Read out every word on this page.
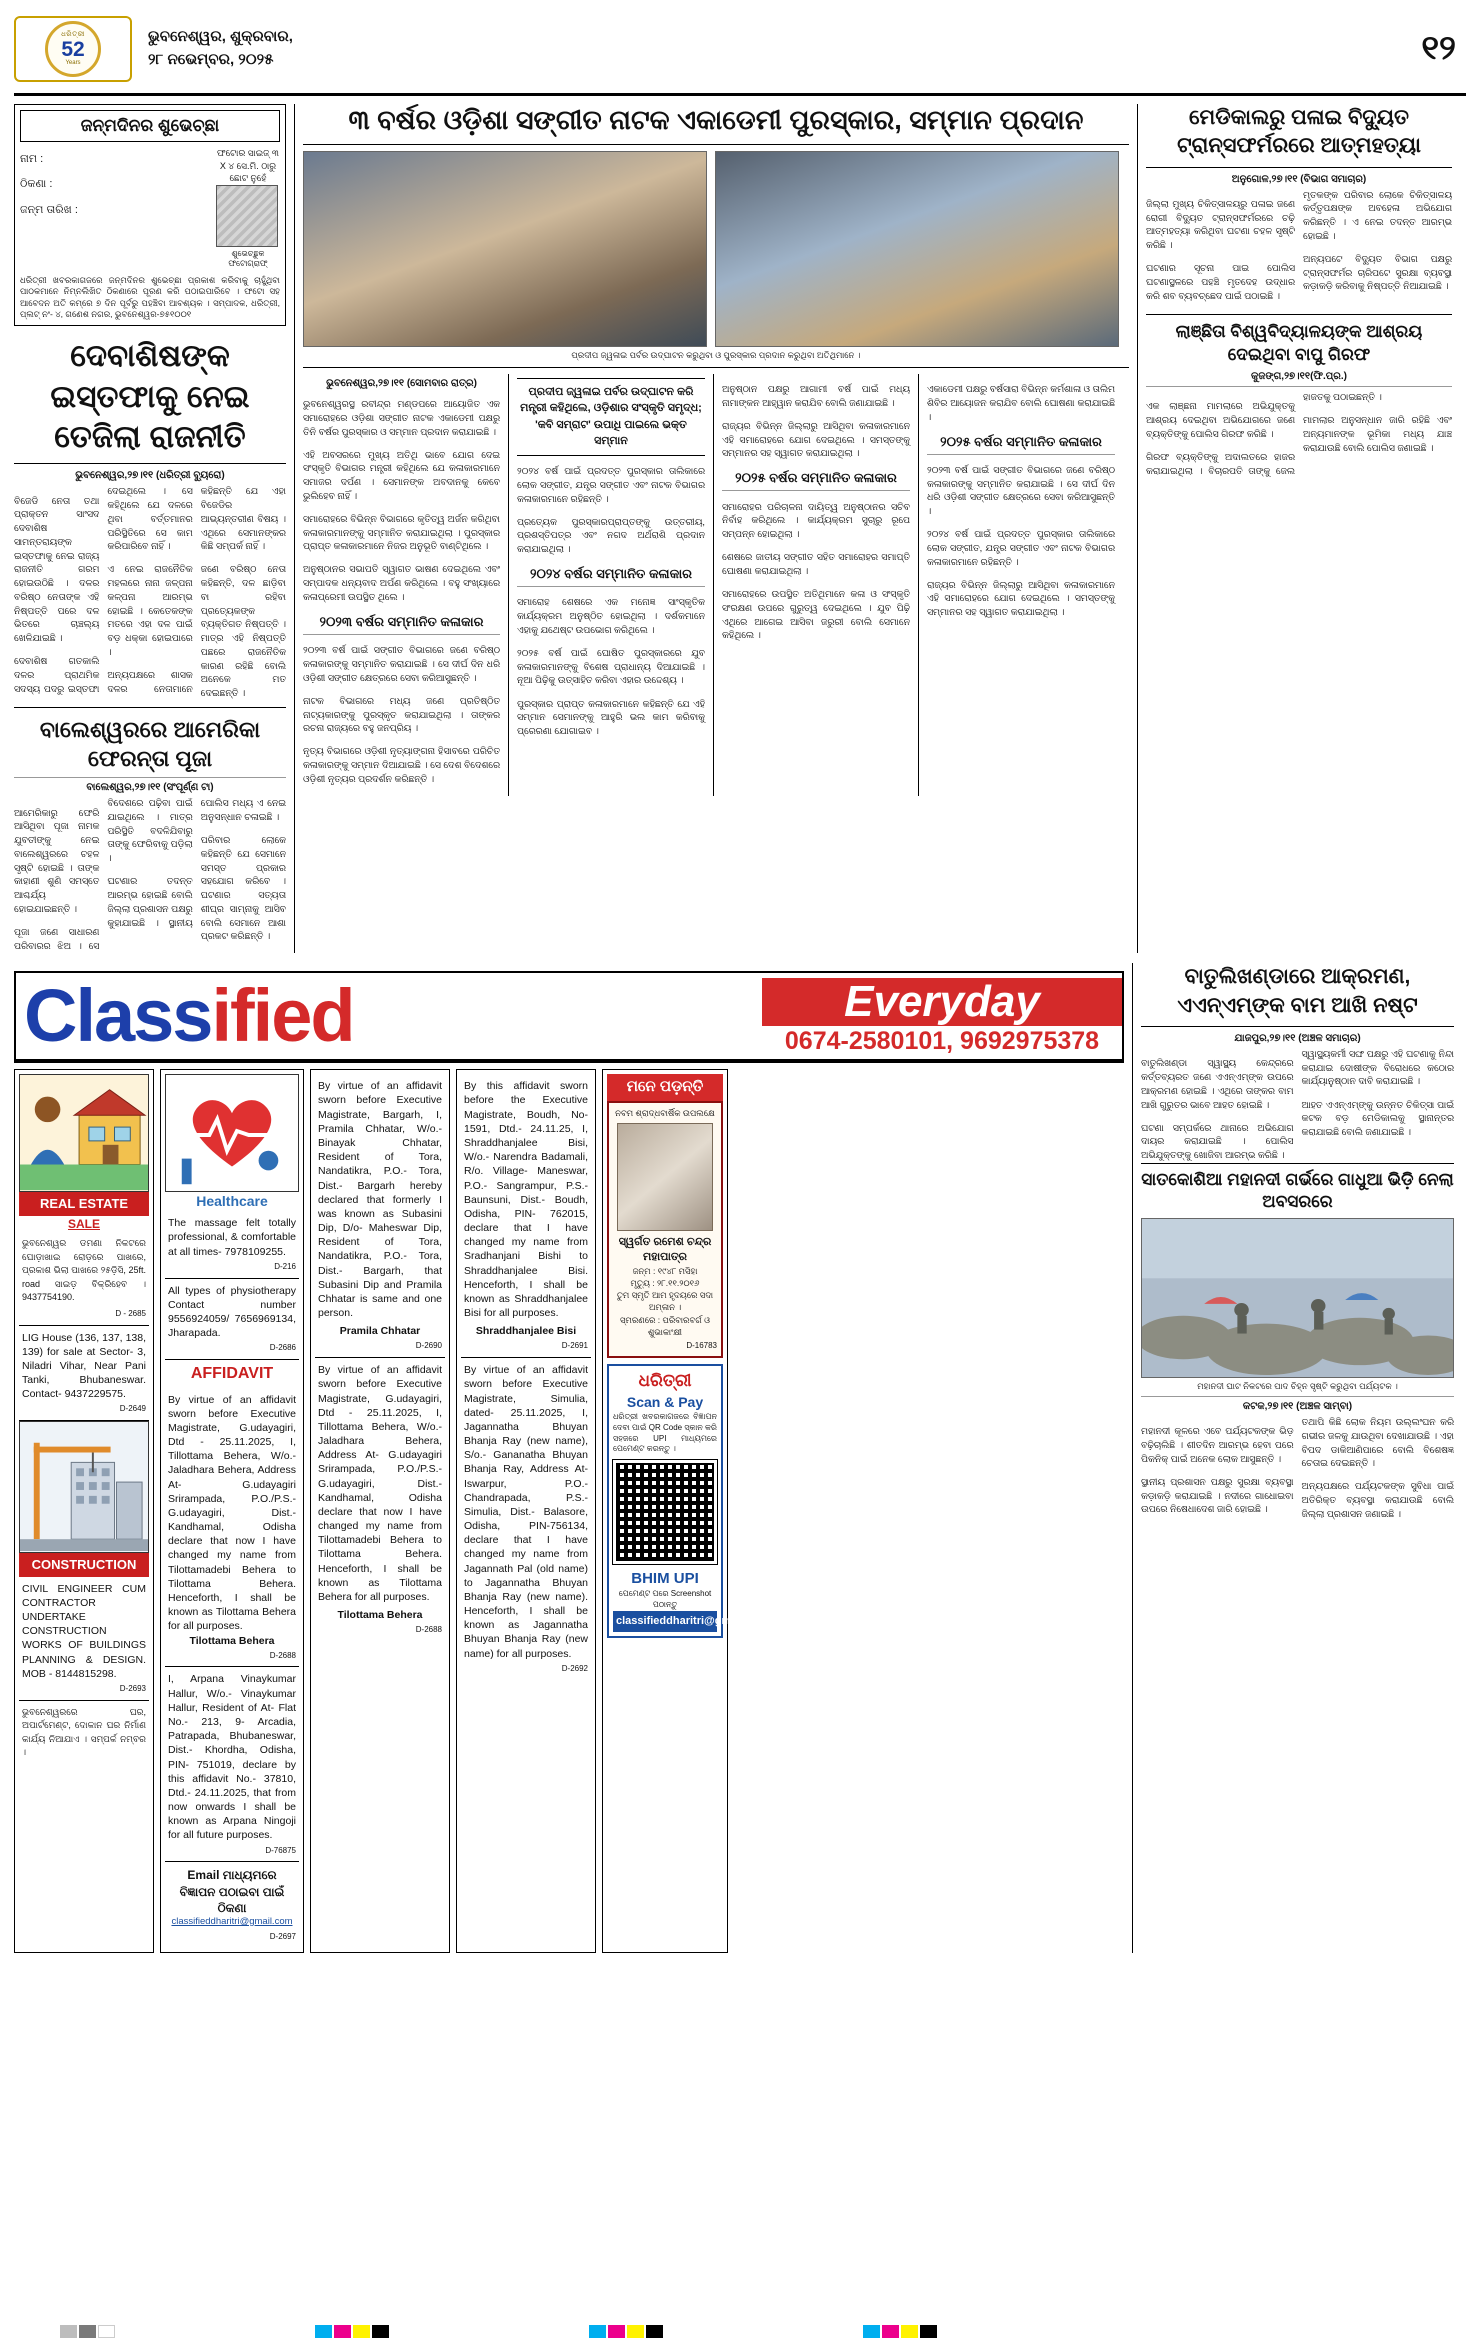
ଧରିତ୍ରୀ
52
Years
ଭୁବନେଶ୍ୱର, ଶୁକ୍ରବାର,
୨୮ ନଭେମ୍ବର, ୨୦୨୫	୧୨
ଜନ୍ମଦିନର ଶୁଭେଚ୍ଛା
ନାମ :
ଠିକଣା :
ଜନ୍ମ ତାରିଖ :
ଫଟୋର ସାଇଜ୍ ୩ X ୪ ସେ.ମି. ଠାରୁ ଛୋଟ ନୁହେଁ
ଶୁଭେଚ୍ଛୁକ ଫଟୋଗ୍ରାଫ୍
ଧରିତ୍ରୀ ଖବରକାଗଜରେ ଜନ୍ମଦିନର ଶୁଭେଚ୍ଛା ପ୍ରକାଶ କରିବାକୁ ଚାହୁଁଥିବା ପାଠକମାନେ ନିମ୍ନଲିଖିତ ଠିକଣାରେ ପୂରଣ କରି ପଠାଇପାରିବେ । ଫଟୋ ସହ ଆବେଦନ ଅତି କମ୍‌ରେ ୭ ଦିନ ପୂର୍ବରୁ ପହଞ୍ଚିବା ଆବଶ୍ୟକ । ସମ୍ପାଦକ, ଧରିତ୍ରୀ, ପ୍ଲଟ୍ ନଂ- ୪, ଗଣେଶ ନଗର, ଭୁବନେଶ୍ୱର-୭୫୧୦୦୧
ଦେବାଶିଷଙ୍କ ଇସ୍ତଫାକୁ ନେଇ ତେଜିଲା ରାଜନୀତି
ଭୁବନେଶ୍ୱର,୨୭।୧୧ (ଧରିତ୍ରୀ ବ୍ୟୁରୋ)

ବିଜେଡି ନେତା ତଥା ପ୍ରାକ୍ତନ ସାଂସଦ ଦେବାଶିଷ ସାମନ୍ତରାୟଙ୍କ ଇସ୍ତଫାକୁ ନେଇ ରାଜ୍ୟ ରାଜନୀତି ଗରମ ହୋଇଉଠିଛି । ଦଳର ବରିଷ୍ଠ ନେତାଙ୍କ ଏହି ନିଷ୍ପତ୍ତି ପରେ ଦଳ ଭିତରେ ଚାଞ୍ଚଲ୍ୟ ଖେଳିଯାଇଛି ।

ଦେବାଶିଷ ଗତକାଲି ଦଳର ପ୍ରାଥମିକ ସଦସ୍ୟ ପଦରୁ ଇସ୍ତଫା ଦେଇଥିଲେ । ସେ କହିଥିଲେ ଯେ ଦଳରେ ଥିବା ବର୍ତ୍ତମାନର ପରିସ୍ଥିତିରେ ସେ କାମ କରିପାରିବେ ନାହିଁ ।

ଏ ନେଇ ରାଜନୈତିକ ମହଲରେ ନାନା ଜଳ୍ପନା କଳ୍ପନା ଆରମ୍ଭ ହୋଇଛି । କେତେକଙ୍କ ମତରେ ଏହା ଦଳ ପାଇଁ ବଡ଼ ଧକ୍କା ହୋଇପାରେ ।

ଅନ୍ୟପକ୍ଷରେ ଶାସକ ଦଳର ନେତାମାନେ କହିଛନ୍ତି ଯେ ଏହା ବିଜେଡିର ଆଭ୍ୟନ୍ତରୀଣ ବିଷୟ । ଏଥିରେ ସେମାନଙ୍କର କିଛି ସମ୍ପର୍କ ନାହିଁ ।

ଜଣେ ବରିଷ୍ଠ ନେତା କହିଛନ୍ତି, ଦଳ ଛାଡ଼ିବା ବା ରହିବା ପ୍ରତ୍ୟେକଙ୍କ ବ୍ୟକ୍ତିଗତ ନିଷ୍ପତ୍ତି । ମାତ୍ର ଏହି ନିଷ୍ପତ୍ତି ପଛରେ ରାଜନୈତିକ କାରଣ ରହିଛି ବୋଲି ଅନେକେ ମତ ଦେଇଛନ୍ତି ।

ବାଲେଶ୍ୱରରେ ଆମେରିକା ଫେରନ୍ତା ପୂଜା
ବାଲେଶ୍ୱର,୨୭।୧୧ (ସଂପୂର୍ଣ୍ଣ ଟା)

ଆମେରିକାରୁ ଫେରି ଆସିଥିବା ପୂଜା ନାମକ ଯୁବତୀଙ୍କୁ ନେଇ ବାଲେଶ୍ୱରରେ ଚହଳ ସୃଷ୍ଟି ହୋଇଛି । ତାଙ୍କ କାହାଣୀ ଶୁଣି ସମସ୍ତେ ଆଶ୍ଚର୍ଯ୍ୟ ହୋଇଯାଇଛନ୍ତି ।

ପୂଜା ଜଣେ ସାଧାରଣ ପରିବାରର ଝିଅ । ସେ ବିଦେଶରେ ପଢ଼ିବା ପାଇଁ ଯାଇଥିଲେ । ମାତ୍ର ପରିସ୍ଥିତି ବଦଳିଯିବାରୁ ତାଙ୍କୁ ଫେରିବାକୁ ପଡ଼ିଲା ।

ଘଟଣାର ତଦନ୍ତ ଆରମ୍ଭ ହୋଇଛି ବୋଲି ଜିଲ୍ଲା ପ୍ରଶାସନ ପକ୍ଷରୁ କୁହାଯାଇଛି । ସ୍ଥାନୀୟ ପୋଲିସ ମଧ୍ୟ ଏ ନେଇ ଅନୁସନ୍ଧାନ ଚଳାଇଛି ।

ପରିବାର ଲୋକେ କହିଛନ୍ତି ଯେ ସେମାନେ ସମସ୍ତ ପ୍ରକାର ସହଯୋଗ କରିବେ । ଘଟଣାର ସତ୍ୟତା ଶୀଘ୍ର ସାମ୍ନାକୁ ଆସିବ ବୋଲି ସେମାନେ ଆଶା ପ୍ରକଟ କରିଛନ୍ତି ।

୩ ବର୍ଷର ଓଡ଼ିଶା ସଙ୍ଗୀତ ନାଟକ ଏକାଡେମୀ ପୁରସ୍କାର, ସମ୍ମାନ ପ୍ରଦାନ
ପ୍ରଦୀପ ଜ୍ୱଳାଇ ପର୍ବର ଉଦ୍‌ଘାଟନ କରୁଥିବା ଓ ପୁରସ୍କାର ପ୍ରଦାନ କରୁଥିବା ଅତିଥିମାନେ ।
ଭୁବନେଶ୍ୱର,୨୭।୧୧ (ସୋମବାର ରାତ୍ର)

ଭୁବନେଶ୍ୱରସ୍ଥ ରବୀନ୍ଦ୍ର ମଣ୍ଡପରେ ଆୟୋଜିତ ଏକ ସମାରୋହରେ ଓଡ଼ିଶା ସଙ୍ଗୀତ ନାଟକ ଏକାଡେମୀ ପକ୍ଷରୁ ତିନି ବର୍ଷର ପୁରସ୍କାର ଓ ସମ୍ମାନ ପ୍ରଦାନ କରାଯାଇଛି ।

ଏହି ଅବସରରେ ମୁଖ୍ୟ ଅତିଥି ଭାବେ ଯୋଗ ଦେଇ ସଂସ୍କୃତି ବିଭାଗର ମନ୍ତ୍ରୀ କହିଥିଲେ ଯେ କଳାକାରମାନେ ସମାଜର ଦର୍ପଣ । ସେମାନଙ୍କ ଅବଦାନକୁ କେବେ ଭୁଲିହେବ ନାହିଁ ।

ସମାରୋହରେ ବିଭିନ୍ନ ବିଭାଗରେ କୃତିତ୍ୱ ଅର୍ଜନ କରିଥିବା କଳାକାରମାନଙ୍କୁ ସମ୍ମାନିତ କରାଯାଇଥିଲା । ପୁରସ୍କାର ପ୍ରାପ୍ତ କଳାକାରମାନେ ନିଜର ଅନୁଭୂତି ବାଣ୍ଟିଥିଲେ ।

ଅନୁଷ୍ଠାନର ସଭାପତି ସ୍ୱାଗତ ଭାଷଣ ଦେଇଥିଲେ ଏବଂ ସମ୍ପାଦକ ଧନ୍ୟବାଦ ଅର୍ପଣ କରିଥିଲେ । ବହୁ ସଂଖ୍ୟାରେ କଳାପ୍ରେମୀ ଉପସ୍ଥିତ ଥିଲେ ।

୨୦୨୩ ବର୍ଷର ସମ୍ମାନିତ କଳାକାର

୨୦୨୩ ବର୍ଷ ପାଇଁ ସଙ୍ଗୀତ ବିଭାଗରେ ଜଣେ ବରିଷ୍ଠ କଳାକାରଙ୍କୁ ସମ୍ମାନିତ କରାଯାଇଛି । ସେ ଦୀର୍ଘ ଦିନ ଧରି ଓଡ଼ିଶୀ ସଙ୍ଗୀତ କ୍ଷେତ୍ରରେ ସେବା କରିଆସୁଛନ୍ତି ।

ନାଟକ ବିଭାଗରେ ମଧ୍ୟ ଜଣେ ପ୍ରତିଷ୍ଠିତ ନାଟ୍ୟକାରଙ୍କୁ ପୁରସ୍କୃତ କରାଯାଇଥିଲା । ତାଙ୍କର ରଚନା ରାଜ୍ୟରେ ବହୁ ଜନପ୍ରିୟ ।

ନୃତ୍ୟ ବିଭାଗରେ ଓଡ଼ିଶୀ ନୃତ୍ୟାଙ୍ଗନା ହିସାବରେ ପରିଚିତ କଳାକାରଙ୍କୁ ସମ୍ମାନ ଦିଆଯାଇଛି । ସେ ଦେଶ ବିଦେଶରେ ଓଡ଼ିଶୀ ନୃତ୍ୟର ପ୍ରଦର୍ଶନ କରିଛନ୍ତି ।

ପ୍ରଦୀପ ଜ୍ୱଳାଇ ପର୍ବର ଉଦ୍‌ଘାଟନ କରି ମନ୍ତ୍ରୀ କହିଥିଲେ, ଓଡ଼ିଶାର ସଂସ୍କୃତି ସମୃଦ୍ଧ; 'କବି ସମ୍ରାଟ' ଉପାଧି ପାଇଲେ ଭକ୍ତ ସମ୍ମାନ

୨୦୨୪ ବର୍ଷ ପାଇଁ ପ୍ରଦତ୍ତ ପୁରସ୍କାର ତାଲିକାରେ ଲୋକ ସଙ୍ଗୀତ, ଯନ୍ତ୍ର ସଙ୍ଗୀତ ଏବଂ ନାଟକ ବିଭାଗର କଳାକାରମାନେ ରହିଛନ୍ତି ।

ପ୍ରତ୍ୟେକ ପୁରସ୍କାରପ୍ରାପ୍ତଙ୍କୁ ଉତ୍ତରୀୟ, ପ୍ରଶସ୍ତିପତ୍ର ଏବଂ ନଗଦ ଅର୍ଥରାଶି ପ୍ରଦାନ କରାଯାଇଥିଲା ।

୨୦୨୪ ବର୍ଷର ସମ୍ମାନିତ କଳାକାର

ସମାରୋହ ଶେଷରେ ଏକ ମନୋଜ୍ଞ ସାଂସ୍କୃତିକ କାର୍ଯ୍ୟକ୍ରମ ଅନୁଷ୍ଠିତ ହୋଇଥିଲା । ଦର୍ଶକମାନେ ଏହାକୁ ଯଥେଷ୍ଟ ଉପଭୋଗ କରିଥିଲେ ।

୨୦୨୫ ବର୍ଷ ପାଇଁ ଘୋଷିତ ପୁରସ୍କାରରେ ଯୁବ କଳାକାରମାନଙ୍କୁ ବିଶେଷ ପ୍ରାଧାନ୍ୟ ଦିଆଯାଇଛି । ନୂଆ ପିଢ଼ିକୁ ଉତ୍ସାହିତ କରିବା ଏହାର ଉଦ୍ଦେଶ୍ୟ ।

ପୁରସ୍କାର ପ୍ରାପ୍ତ କଳାକାରମାନେ କହିଛନ୍ତି ଯେ ଏହି ସମ୍ମାନ ସେମାନଙ୍କୁ ଆହୁରି ଭଲ କାମ କରିବାକୁ ପ୍ରେରଣା ଯୋଗାଇବ ।

ଅନୁଷ୍ଠାନ ପକ୍ଷରୁ ଆଗାମୀ ବର୍ଷ ପାଇଁ ମଧ୍ୟ ନାମାଙ୍କନ ଆହ୍ୱାନ କରାଯିବ ବୋଲି ଜଣାଯାଇଛି ।

ରାଜ୍ୟର ବିଭିନ୍ନ ଜିଲ୍ଲାରୁ ଆସିଥିବା କଳାକାରମାନେ ଏହି ସମାରୋହରେ ଯୋଗ ଦେଇଥିଲେ । ସମସ୍ତଙ୍କୁ ସମ୍ମାନର ସହ ସ୍ୱାଗତ କରାଯାଇଥିଲା ।

୨୦୨୫ ବର୍ଷର ସମ୍ମାନିତ କଳାକାର

ସମାରୋହର ପରିଚାଳନା ଦାୟିତ୍ୱ ଅନୁଷ୍ଠାନର ସଚିବ ନିର୍ବାହ କରିଥିଲେ । କାର୍ଯ୍ୟକ୍ରମ ସୁଚାରୁ ରୂପେ ସମ୍ପନ୍ନ ହୋଇଥିଲା ।

ଶେଷରେ ଜାତୀୟ ସଙ୍ଗୀତ ସହିତ ସମାରୋହର ସମାପ୍ତି ଘୋଷଣା କରାଯାଇଥିଲା ।

ସମାରୋହରେ ଉପସ୍ଥିତ ଅତିଥିମାନେ କଳା ଓ ସଂସ୍କୃତି ସଂରକ୍ଷଣ ଉପରେ ଗୁରୁତ୍ୱ ଦେଇଥିଲେ । ଯୁବ ପିଢ଼ି ଏଥିରେ ଆଗେଇ ଆସିବା ଜରୁରୀ ବୋଲି ସେମାନେ କହିଥିଲେ ।

ଏକାଡେମୀ ପକ୍ଷରୁ ବର୍ଷସାରା ବିଭିନ୍ନ କର୍ମଶାଳା ଓ ତାଲିମ ଶିବିର ଆୟୋଜନ କରାଯିବ ବୋଲି ଘୋଷଣା କରାଯାଇଛି ।

୨୦୨୫ ବର୍ଷର ସମ୍ମାନିତ କଳାକାର

୨୦୨୩ ବର୍ଷ ପାଇଁ ସଙ୍ଗୀତ ବିଭାଗରେ ଜଣେ ବରିଷ୍ଠ କଳାକାରଙ୍କୁ ସମ୍ମାନିତ କରାଯାଇଛି । ସେ ଦୀର୍ଘ ଦିନ ଧରି ଓଡ଼ିଶୀ ସଙ୍ଗୀତ କ୍ଷେତ୍ରରେ ସେବା କରିଆସୁଛନ୍ତି ।

୨୦୨୪ ବର୍ଷ ପାଇଁ ପ୍ରଦତ୍ତ ପୁରସ୍କାର ତାଲିକାରେ ଲୋକ ସଙ୍ଗୀତ, ଯନ୍ତ୍ର ସଙ୍ଗୀତ ଏବଂ ନାଟକ ବିଭାଗର କଳାକାରମାନେ ରହିଛନ୍ତି ।

ରାଜ୍ୟର ବିଭିନ୍ନ ଜିଲ୍ଲାରୁ ଆସିଥିବା କଳାକାରମାନେ ଏହି ସମାରୋହରେ ଯୋଗ ଦେଇଥିଲେ । ସମସ୍ତଙ୍କୁ ସମ୍ମାନର ସହ ସ୍ୱାଗତ କରାଯାଇଥିଲା ।

ମେଡିକାଲରୁ ପଳାଇ ବିଦ୍ୟୁତ ଟ୍ରାନ୍ସଫର୍ମରରେ ଆତ୍ମହତ୍ୟା
ଅନୁଗୋଳ,୨୭।୧୧ (ବିଭାଗ ସମାଚାର)

ଜିଲ୍ଲା ମୁଖ୍ୟ ଚିକିତ୍ସାଳୟରୁ ପଳାଇ ଜଣେ ରୋଗୀ ବିଦ୍ୟୁତ ଟ୍ରାନ୍ସଫର୍ମରରେ ଚଢ଼ି ଆତ୍ମହତ୍ୟା କରିଥିବା ଘଟଣା ଚହଳ ସୃଷ୍ଟି କରିଛି ।

ଘଟଣାର ସୂଚନା ପାଇ ପୋଲିସ ଘଟଣାସ୍ଥଳରେ ପହଞ୍ଚି ମୃତଦେହ ଉଦ୍ଧାର କରି ଶବ ବ୍ୟବଚ୍ଛେଦ ପାଇଁ ପଠାଇଛି ।

ମୃତକଙ୍କ ପରିବାର ଲୋକେ ଚିକିତ୍ସାଳୟ କର୍ତ୍ତୃପକ୍ଷଙ୍କ ଅବହେଳା ଅଭିଯୋଗ କରିଛନ୍ତି । ଏ ନେଇ ତଦନ୍ତ ଆରମ୍ଭ ହୋଇଛି ।

ଅନ୍ୟପଟେ ବିଦ୍ୟୁତ ବିଭାଗ ପକ୍ଷରୁ ଟ୍ରାନ୍ସଫର୍ମର ଚାରିପଟେ ସୁରକ୍ଷା ବ୍ୟବସ୍ଥା କଡ଼ାକଡ଼ି କରିବାକୁ ନିଷ୍ପତ୍ତି ନିଆଯାଇଛି ।

ଲାଞ୍ଛିତା ବିଶ୍ୱବିଦ୍ୟାଳୟଙ୍କ ଆଶ୍ରୟ ଦେଇଥିବା ବାପୁ ଗିରଫ
କୁଜଙ୍ଗ,୨୭।୧୧(ଫି.ପ୍ର.)

ଏକ ଲାଞ୍ଛନା ମାମଲାରେ ଅଭିଯୁକ୍ତକୁ ଆଶ୍ରୟ ଦେଇଥିବା ଅଭିଯୋଗରେ ଜଣେ ବ୍ୟକ୍ତିଙ୍କୁ ପୋଲିସ ଗିରଫ କରିଛି ।

ଗିରଫ ବ୍ୟକ୍ତିଙ୍କୁ ଅଦାଲତରେ ହାଜର କରାଯାଇଥିଲା । ବିଚାରପତି ତାଙ୍କୁ ଜେଲ ହାଜତକୁ ପଠାଇଛନ୍ତି ।

ମାମଲାର ଅନୁସନ୍ଧାନ ଜାରି ରହିଛି ଏବଂ ଅନ୍ୟମାନଙ୍କ ଭୂମିକା ମଧ୍ୟ ଯାଞ୍ଚ କରାଯାଉଛି ବୋଲି ପୋଲିସ ଜଣାଇଛି ।

Class ified	Everyday
0674-2580101, 9692975378
REAL ESTATE
SALE
ଭୁବନେଶ୍ୱର ଡମଣା ନିକଟରେ ଘୋଡ଼ାଖାଇ ରୋଡ଼ରେ ପାଖରେ, ପ୍ରକାଶ ଭିଲା ପାଖରେ ୨୫ଡ଼ିସି, 25ft. road ସାଇଡ଼ ବିକ୍ରିହେବ । 9437754190.
D - 2685
LIG House (136, 137, 138, 139) for sale at Sector- 3, Niladri Vihar, Near Pani Tanki, Bhubaneswar. Contact- 9437229575.
D-2649
CONSTRUCTION
CIVIL ENGINEER CUM CONTRACTOR UNDERTAKE CONSTRUCTION WORKS OF BUILDINGS PLANNING & DESIGN. MOB - 8144815298.
D-2693
ଭୁବନେଶ୍ୱରରେ ଘର, ଅପାର୍ଟମେଣ୍ଟ, ଦୋକାନ ଘର ନିର୍ମାଣ କାର୍ଯ୍ୟ ନିଆଯାଏ । ସମ୍ପର୍କ ନମ୍ବର ।
Healthcare
The massage felt totally professional, & comfortable at all times- 7978109255.
D-216
All types of physiotherapy Contact number 9556924059/ 7656969134, Jharapada.
D-2686
AFFIDAVIT
By virtue of an affidavit sworn before Executive Magistrate, G.udayagiri, Dtd - 25.11.2025, I, Tillottama Behera, W/o.- Jaladhara Behera, Address At- G.udayagiri Srirampada, P.O./P.S.- G.udayagiri, Dist.- Kandhamal, Odisha declare that now I have changed my name from Tilottamadebi Behera to Tilottama Behera. Henceforth, I shall be known as Tilottama Behera for all purposes.
Tilottama Behera
D-2688
I, Arpana Vinaykumar Hallur, W/o.- Vinaykumar Hallur, Resident of At- Flat No.- 213, 9- Arcadia, Patrapada, Bhubaneswar, Dist.- Khordha, Odisha, PIN- 751019, declare by this affidavit No.- 37810, Dtd.- 24.11.2025, that from now onwards I shall be known as Arpana Ningoji for all future purposes.
D-76875
Email ମାଧ୍ୟମରେ ବିଜ୍ଞାପନ ପଠାଇବା ପାଇଁ ଠିକଣା
classifieddharitri@gmail.com
D-2697
By virtue of an affidavit sworn before Executive Magistrate, Bargarh, I, Pramila Chhatar, W/o.- Binayak Chhatar, Resident of Tora, Nandatikra, P.O.- Tora, Dist.- Bargarh hereby declared that formerly I was known as Subasini Dip, D/o- Maheswar Dip, Resident of Tora, Nandatikra, P.O.- Tora, Dist.- Bargarh, that Subasini Dip and Pramila Chhatar is same and one person.
Pramila Chhatar
D-2690
By virtue of an affidavit sworn before Executive Magistrate, G.udayagiri, Dtd - 25.11.2025, I, Tillottama Behera, W/o.- Jaladhara Behera, Address At- G.udayagiri Srirampada, P.O./P.S.- G.udayagiri, Dist.- Kandhamal, Odisha declare that now I have changed my name from Tilottamadebi Behera to Tilottama Behera. Henceforth, I shall be known as Tilottama Behera for all purposes.
Tilottama Behera
D-2688
By this affidavit sworn before the Executive Magistrate, Boudh, No- 1591, Dtd.- 24.11.25, I, Shraddhanjalee Bisi, W/o.- Narendra Badamali, R/o. Village- Maneswar, P.O.- Sangrampur, P.S.- Baunsuni, Dist.- Boudh, Odisha, PIN- 762015, declare that I have changed my name from Sradhanjani Bishi to Shraddhanjalee Bisi. Henceforth, I shall be known as Shraddhanjalee Bisi for all purposes.
Shraddhanjalee Bisi
D-2691
By virtue of an affidavit sworn before Executive Magistrate, Simulia, dated- 25.11.2025, I, Jagannatha Bhuyan Bhanja Ray (new name), S/o.- Gananatha Bhuyan Bhanja Ray, Address At- Iswarpur, P.O.- Chandrapada, P.S.- Simulia, Dist.- Balasore, Odisha, PIN-756134, declare that I have changed my name from Jagannath Pal (old name) to Jagannatha Bhuyan Bhanja Ray (new name). Henceforth, I shall be known as Jagannatha Bhuyan Bhanja Ray (new name) for all purposes.
D-2692
ମନେ ପଡ଼ନ୍ତି
ନବମ ଶ୍ରାଦ୍ଧବାର୍ଷିକ ଉପଲକ୍ଷେ
ସ୍ୱର୍ଗତ ରମେଶ ଚନ୍ଦ୍ର ମହାପାତ୍ର
ଜନ୍ମ : ୧୯୪୮ ମସିହା
ମୃତ୍ୟୁ : ୨୮.୧୧.୨୦୧୬
ତୁମ ସ୍ମୃତି ଆମ ହୃଦୟରେ ସଦା ଅମ୍ଳାନ ।
ସ୍ମରଣରେ : ପରିବାରବର୍ଗ ଓ ଶୁଭାକାଂକ୍ଷୀ
D-16783
ଧରିତ୍ରୀ
Scan & Pay
ଧରିତ୍ରୀ ଖବରକାଗଜରେ ବିଜ୍ଞାପନ ଦେବା ପାଇଁ QR Code ସ୍କାନ କରି ସହଜରେ UPI ମାଧ୍ୟମରେ ପେମେଣ୍ଟ କରନ୍ତୁ ।
BHIM UPI
ପେମେଣ୍ଟ ପରେ Screenshot ପଠାନ୍ତୁ
classifieddharitri@gmail.com
ବାତୁଲିଖଣ୍ଡାରେ ଆକ୍ରମଣ, ଏଏନ୍ଏମ୍‌ଙ୍କ ବାମ ଆଖି ନଷ୍ଟ
ଯାଜପୁର,୨୭।୧୧ (ଅଞ୍ଚଳ ସମାଚାର)

ବାତୁଲିଖଣ୍ଡା ସ୍ୱାସ୍ଥ୍ୟ କେନ୍ଦ୍ରରେ କର୍ତ୍ତବ୍ୟରତ ଜଣେ ଏଏନ୍ଏମ୍‌ଙ୍କ ଉପରେ ଆକ୍ରମଣ ହୋଇଛି । ଏଥିରେ ତାଙ୍କର ବାମ ଆଖି ଗୁରୁତର ଭାବେ ଆହତ ହୋଇଛି ।

ଘଟଣା ସମ୍ପର୍କରେ ଥାନାରେ ଅଭିଯୋଗ ଦାୟର କରାଯାଇଛି । ପୋଲିସ ଅଭିଯୁକ୍ତଙ୍କୁ ଖୋଜିବା ଆରମ୍ଭ କରିଛି ।

ସ୍ୱାସ୍ଥ୍ୟକର୍ମୀ ସଙ୍ଘ ପକ୍ଷରୁ ଏହି ଘଟଣାକୁ ନିନ୍ଦା କରାଯାଇ ଦୋଷୀଙ୍କ ବିରୋଧରେ କଠୋର କାର୍ଯ୍ୟାନୁଷ୍ଠାନ ଦାବି କରାଯାଇଛି ।

ଆହତ ଏଏନ୍ଏମ୍‌ଙ୍କୁ ଉନ୍ନତ ଚିକିତ୍ସା ପାଇଁ କଟକ ବଡ଼ ମେଡିକାଲକୁ ସ୍ଥାନାନ୍ତର କରାଯାଇଛି ବୋଲି ଜଣାଯାଇଛି ।

ସାତକୋଶିଆ ମହାନଦୀ ଗର୍ଭରେ ଗାଧୁଆ ଭିଡ଼ି ନେଲା ଅବସରରେ
ମହାନଦୀ ଘାଟ ନିକଟରେ ପାଦ ଚିହ୍ନ ସୃଷ୍ଟି କରୁଥିବା ପର୍ଯ୍ୟଟକ ।
କଟକ,୨୭।୧୧ (ଅଞ୍ଚଳ ସାମ୍ବା)

ମହାନଦୀ କୂଳରେ ଏବେ ପର୍ଯ୍ୟଟକଙ୍କ ଭିଡ଼ ବଢ଼ିଚାଲିଛି । ଶୀତଦିନ ଆରମ୍ଭ ହେବା ପରେ ପିକନିକ୍ ପାଇଁ ଅନେକ ଲୋକ ଆସୁଛନ୍ତି ।

ସ୍ଥାନୀୟ ପ୍ରଶାସନ ପକ୍ଷରୁ ସୁରକ୍ଷା ବ୍ୟବସ୍ଥା କଡ଼ାକଡ଼ି କରାଯାଇଛି । ନଦୀରେ ଗାଧୋଇବା ଉପରେ ନିଷେଧାଦେଶ ଜାରି ହୋଇଛି ।

ତଥାପି କିଛି ଲୋକ ନିୟମ ଉଲ୍ଲଂଘନ କରି ଗଭୀର ଜଳକୁ ଯାଉଥିବା ଦେଖାଯାଉଛି । ଏହା ବିପଦ ଡାକିଆଣିପାରେ ବୋଲି ବିଶେଷଜ୍ଞ ଚେତାଇ ଦେଇଛନ୍ତି ।

ଅନ୍ୟପକ୍ଷରେ ପର୍ଯ୍ୟଟକଙ୍କ ସୁବିଧା ପାଇଁ ଅତିରିକ୍ତ ବ୍ୟବସ୍ଥା କରାଯାଉଛି ବୋଲି ଜିଲ୍ଲା ପ୍ରଶାସନ ଜଣାଇଛି ।
